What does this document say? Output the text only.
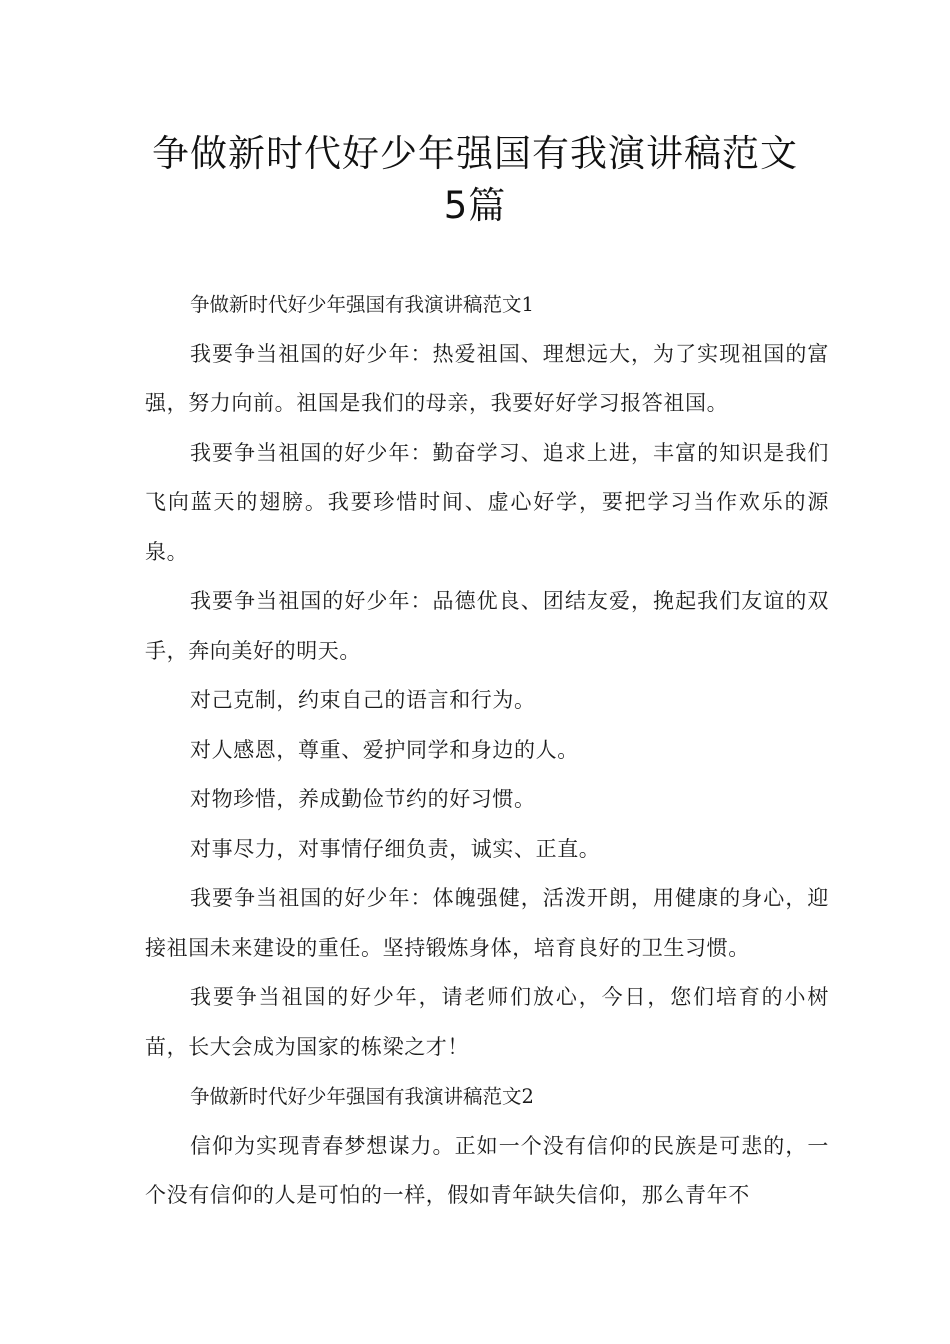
争做新时代好少年强国有我演讲稿范文
5篇

争做新时代好少年强国有我演讲稿范文1

我要争当祖国的好少年：热爱祖国、理想远大，为了实现祖国的富强，努力向前。祖国是我们的母亲，我要好好学习报答祖国。

我要争当祖国的好少年：勤奋学习、追求上进，丰富的知识是我们飞向蓝天的翅膀。我要珍惜时间、虚心好学，要把学习当作欢乐的源泉。

我要争当祖国的好少年：品德优良、团结友爱，挽起我们友谊的双手，奔向美好的明天。

对己克制，约束自己的语言和行为。

对人感恩，尊重、爱护同学和身边的人。

对物珍惜，养成勤俭节约的好习惯。

对事尽力，对事情仔细负责，诚实、正直。

我要争当祖国的好少年：体魄强健，活泼开朗，用健康的身心，迎接祖国未来建设的重任。坚持锻炼身体，培育良好的卫生习惯。

我要争当祖国的好少年，请老师们放心，今日，您们培育的小树苗，长大会成为国家的栋梁之才！

争做新时代好少年强国有我演讲稿范文2

信仰为实现青春梦想谋力。正如一个没有信仰的民族是可悲的，一个没有信仰的人是可怕的一样，假如青年缺失信仰，那么青年不
